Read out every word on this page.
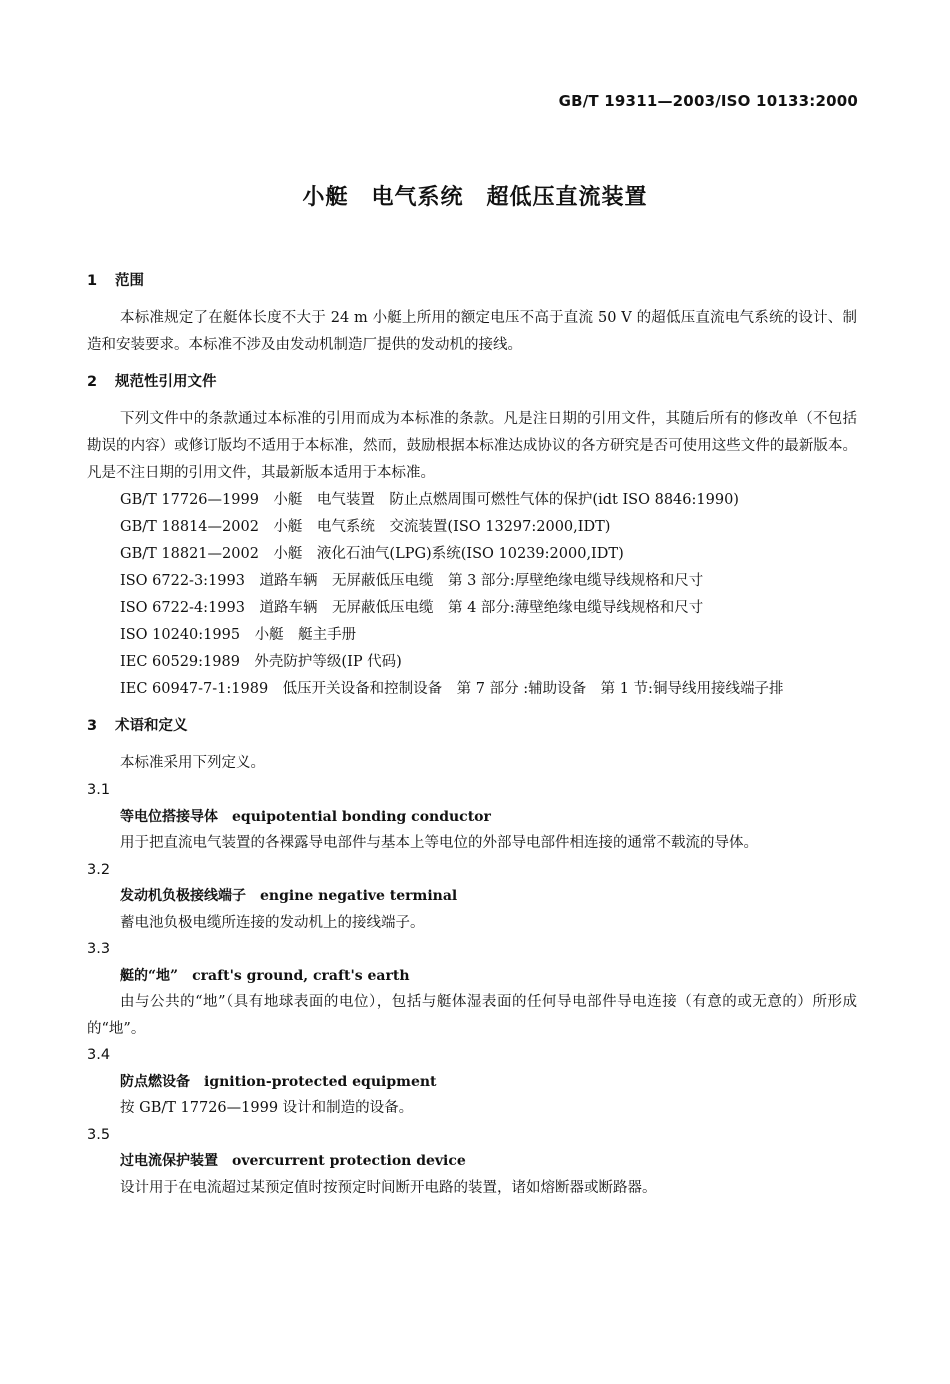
GB/T 19311—2003/ISO 10133:2000
小艇　电气系统　超低压直流装置
1 范围
本标准规定了在艇体长度不大于 24 m 小艇上所用的额定电压不高于直流 50 V 的超低压直流电气系统的设计、制造和安装要求。本标准不涉及由发动机制造厂提供的发动机的接线。
2 规范性引用文件
下列文件中的条款通过本标准的引用而成为本标准的条款。凡是注日期的引用文件，其随后所有的修改单（不包括勘误的内容）或修订版均不适用于本标准，然而，鼓励根据本标准达成协议的各方研究是否可使用这些文件的最新版本。凡是不注日期的引用文件，其最新版本适用于本标准。
GB/T 17726—1999　小艇　电气装置　防止点燃周围可燃性气体的保护(idt ISO 8846:1990)
GB/T 18814—2002　小艇　电气系统　交流装置(ISO 13297:2000,IDT)
GB/T 18821—2002　小艇　液化石油气(LPG)系统(ISO 10239:2000,IDT)
ISO 6722-3:1993　道路车辆　无屏蔽低压电缆　第 3 部分:厚壁绝缘电缆导线规格和尺寸
ISO 6722-4:1993　道路车辆　无屏蔽低压电缆　第 4 部分:薄壁绝缘电缆导线规格和尺寸
ISO 10240:1995　小艇　艇主手册
IEC 60529:1989　外壳防护等级(IP 代码)
IEC 60947-7-1:1989　低压开关设备和控制设备　第 7 部分 :辅助设备　第 1 节:铜导线用接线端子排
3 术语和定义
本标准采用下列定义。
3.1
等电位搭接导体　equipotential bonding conductor
用于把直流电气装置的各裸露导电部件与基本上等电位的外部导电部件相连接的通常不载流的导体。
3.2
发动机负极接线端子　engine negative terminal
蓄电池负极电缆所连接的发动机上的接线端子。
3.3
艇的“地”　craft's ground, craft's earth
由与公共的“地”（具有地球表面的电位），包括与艇体湿表面的任何导电部件导电连接（有意的或无意的）所形成的“地”。
3.4
防点燃设备　ignition-protected equipment
按 GB/T 17726—1999 设计和制造的设备。
3.5
过电流保护装置　overcurrent protection device
设计用于在电流超过某预定值时按预定时间断开电路的装置，诸如熔断器或断路器。
